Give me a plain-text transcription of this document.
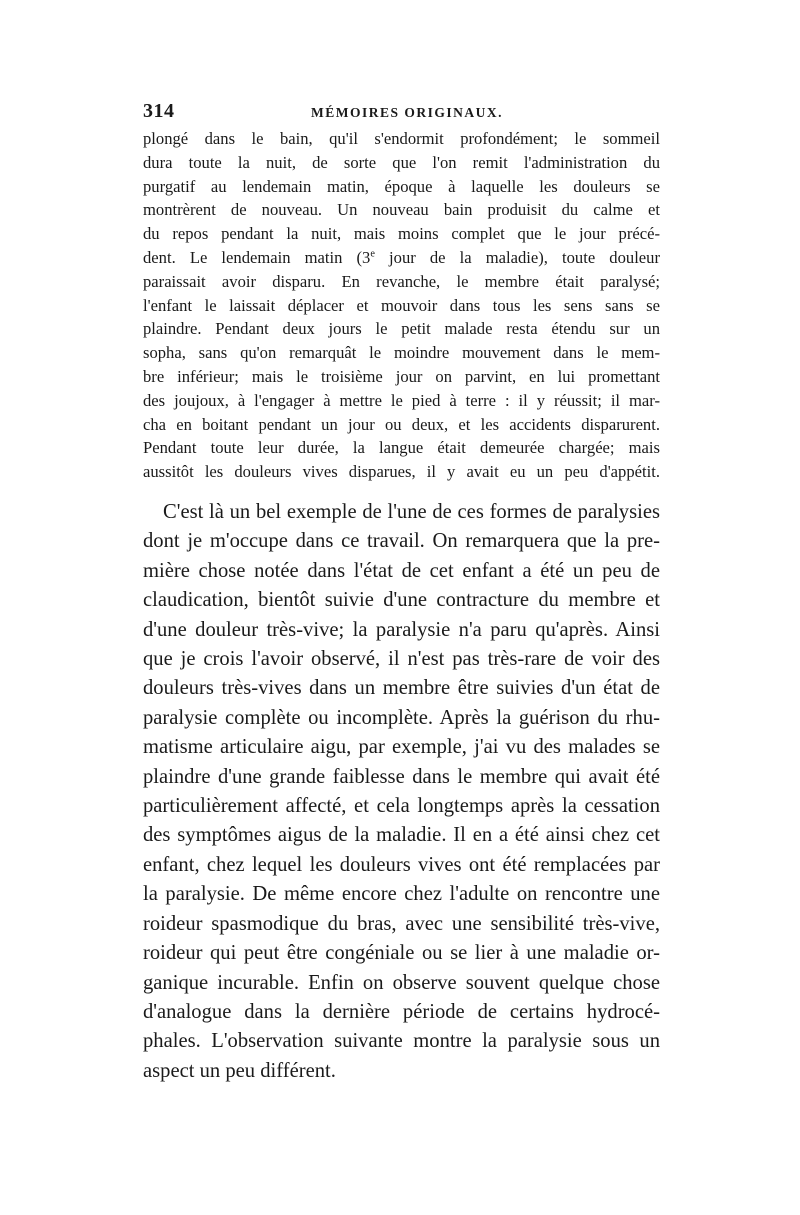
314	MÉMOIRES ORIGINAUX.
plongé dans le bain, qu'il s'endormit profondément; le sommeil
dura toute la nuit, de sorte que l'on remit l'administration du
purgatif au lendemain matin, époque à laquelle les douleurs se
montrèrent de nouveau. Un nouveau bain produisit du calme et
du repos pendant la nuit, mais moins complet que le jour précé-
dent. Le lendemain matin (3e jour de la maladie), toute douleur
paraissait avoir disparu. En revanche, le membre était paralysé;
l'enfant le laissait déplacer et mouvoir dans tous les sens sans se
plaindre. Pendant deux jours le petit malade resta étendu sur un
sopha, sans qu'on remarquât le moindre mouvement dans le mem-
bre inférieur; mais le troisième jour on parvint, en lui promettant
des joujoux, à l'engager à mettre le pied à terre : il y réussit; il mar-
cha en boitant pendant un jour ou deux, et les accidents disparurent.
Pendant toute leur durée, la langue était demeurée chargée; mais
aussitôt les douleurs vives disparues, il y avait eu un peu d'appétit.
C'est là un bel exemple de l'une de ces formes de paralysies
dont je m'occupe dans ce travail. On remarquera que la pre-
mière chose notée dans l'état de cet enfant a été un peu de
claudication, bientôt suivie d'une contracture du membre et
d'une douleur très-vive; la paralysie n'a paru qu'après. Ainsi
que je crois l'avoir observé, il n'est pas très-rare de voir des
douleurs très-vives dans un membre être suivies d'un état de
paralysie complète ou incomplète. Après la guérison du rhu-
matisme articulaire aigu, par exemple, j'ai vu des malades se
plaindre d'une grande faiblesse dans le membre qui avait été
particulièrement affecté, et cela longtemps après la cessation
des symptômes aigus de la maladie. Il en a été ainsi chez cet
enfant, chez lequel les douleurs vives ont été remplacées par
la paralysie. De même encore chez l'adulte on rencontre une
roideur spasmodique du bras, avec une sensibilité très-vive,
roideur qui peut être congéniale ou se lier à une maladie or-
ganique incurable. Enfin on observe souvent quelque chose
d'analogue dans la dernière période de certains hydrocé-
phales. L'observation suivante montre la paralysie sous un
aspect un peu différent.
